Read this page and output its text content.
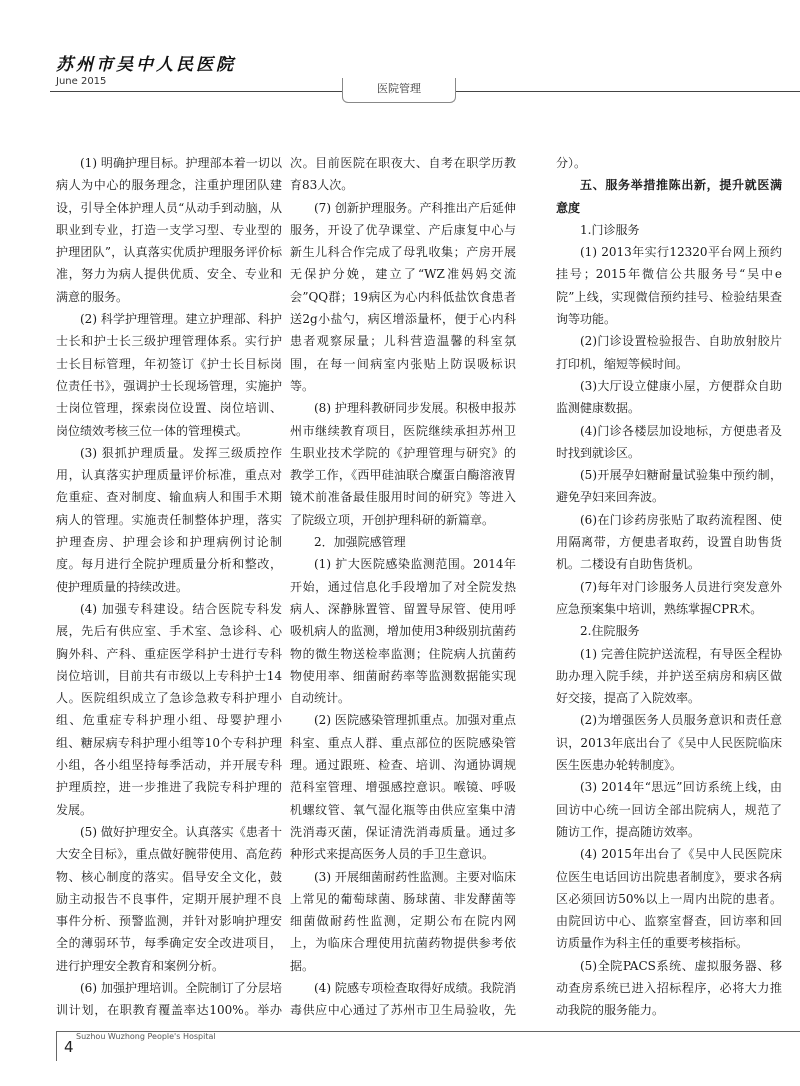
苏州市吴中人民医院
June 2015
医院管理

(1) 明确护理目标。护理部本着一切以病人为中心的服务理念，注重护理团队建设，引导全体护理人员“从动手到动脑，从职业到专业，打造一支学习型、专业型的护理团队”，认真落实优质护理服务评价标准，努力为病人提供优质、安全、专业和满意的服务。

(2) 科学护理管理。建立护理部、科护士长和护士长三级护理管理体系。实行护士长目标管理，年初签订《护士长目标岗位责任书》，强调护士长现场管理，实施护士岗位管理，探索岗位设置、岗位培训、岗位绩效考核三位一体的管理模式。

(3) 狠抓护理质量。发挥三级质控作用，认真落实护理质量评价标准，重点对危重症、查对制度、输血病人和围手术期病人的管理。实施责任制整体护理，落实护理查房、护理会诊和护理病例讨论制度。每月进行全院护理质量分析和整改，使护理质量的持续改进。

(4) 加强专科建设。结合医院专科发展，先后有供应室、手术室、急诊科、心胸外科、产科、重症医学科护士进行专科岗位培训，目前共有市级以上专科护士14人。医院组织成立了急诊急救专科护理小组、危重症专科护理小组、母婴护理小组、糖尿病专科护理小组等10个专科护理小组，各小组坚持每季活动，并开展专科护理质控，进一步推进了我院专科护理的发展。

(5) 做好护理安全。认真落实《患者十大安全目标》，重点做好腕带使用、高危药物、核心制度的落实。倡导安全文化，鼓励主动报告不良事件，定期开展护理不良事件分析、预警监测，并针对影响护理安全的薄弱环节，每季确定安全改进项目，进行护理安全教育和案例分析。

(6) 加强护理培训。全院制订了分层培训计划，在职教育覆盖率达100%。举办

次。目前医院在职夜大、自考在职学历教育83人次。

(7) 创新护理服务。产科推出产后延伸服务，开设了优孕课堂、产后康复中心与新生儿科合作完成了母乳收集；产房开展无保护分娩，建立了“WZ准妈妈交流会”QQ群；19病区为心内科低盐饮食患者送2g小盐勺，病区增添量杯，便于心内科患者观察尿量；儿科营造温馨的科室氛围，在每一间病室内张贴上防误吸标识等。

(8) 护理科教研同步发展。积极申报苏州市继续教育项目，医院继续承担苏州卫生职业技术学院的《护理管理与研究》的教学工作，《西甲硅油联合糜蛋白酶溶液胃镜术前准备最佳服用时间的研究》等进入了院级立项，开创护理科研的新篇章。

2．加强院感管理

(1) 扩大医院感染监测范围。2014年开始，通过信息化手段增加了对全院发热病人、深静脉置管、留置导尿管、使用呼吸机病人的监测，增加使用3种级别抗菌药物的微生物送检率监测；住院病人抗菌药物使用率、细菌耐药率等监测数据能实现自动统计。

(2) 医院感染管理抓重点。加强对重点科室、重点人群、重点部位的医院感染管理。通过跟班、检查、培训、沟通协调规范科室管理、增强感控意识。喉镜、呼吸机螺纹管、氧气湿化瓶等由供应室集中清洗消毒灭菌，保证清洗消毒质量。通过多种形式来提高医务人员的手卫生意识。

(3) 开展细菌耐药性监测。主要对临床上常见的葡萄球菌、肠球菌、非发酵菌等细菌做耐药性监测，定期公布在院内网上，为临床合理使用抗菌药物提供参考依据。

(4) 院感专项检查取得好成绩。我院消毒供应中心通过了苏州市卫生局验收，先

分）。

五、服务举措推陈出新，提升就医满意度

1.门诊服务

(1) 2013年实行12320平台网上预约挂号；2015年微信公共服务号“吴中e院”上线，实现微信预约挂号、检验结果查询等功能。

(2)门诊设置检验报告、自助放射胶片打印机，缩短等候时间。

(3)大厅设立健康小屋，方便群众自助监测健康数据。

(4)门诊各楼层加设地标，方便患者及时找到就诊区。

(5)开展孕妇糖耐量试验集中预约制，避免孕妇来回奔波。

(6)在门诊药房张贴了取药流程图、使用隔离带，方便患者取药，设置自助售货机。二楼设有自助售货机。

(7)每年对门诊服务人员进行突发意外应急预案集中培训，熟练掌握CPR术。

2.住院服务

(1) 完善住院护送流程，有导医全程协助办理入院手续，并护送至病房和病区做好交接，提高了入院效率。

(2)为增强医务人员服务意识和责任意识，2013年底出台了《吴中人民医院临床医生医患办轮转制度》。

(3) 2014年“思远”回访系统上线，由回访中心统一回访全部出院病人，规范了随访工作，提高随访效率。

(4) 2015年出台了《吴中人民医院床位医生电话回访出院患者制度》，要求各病区必须回访50%以上一周内出院的患者。由院回访中心、监察室督查，回访率和回访质量作为科主任的重要考核指标。

(5)全院PACS系统、虚拟服务器、移动查房系统已进入招标程序，必将大力推动我院的服务能力。

4
Suzhou Wuzhong People's Hospital
